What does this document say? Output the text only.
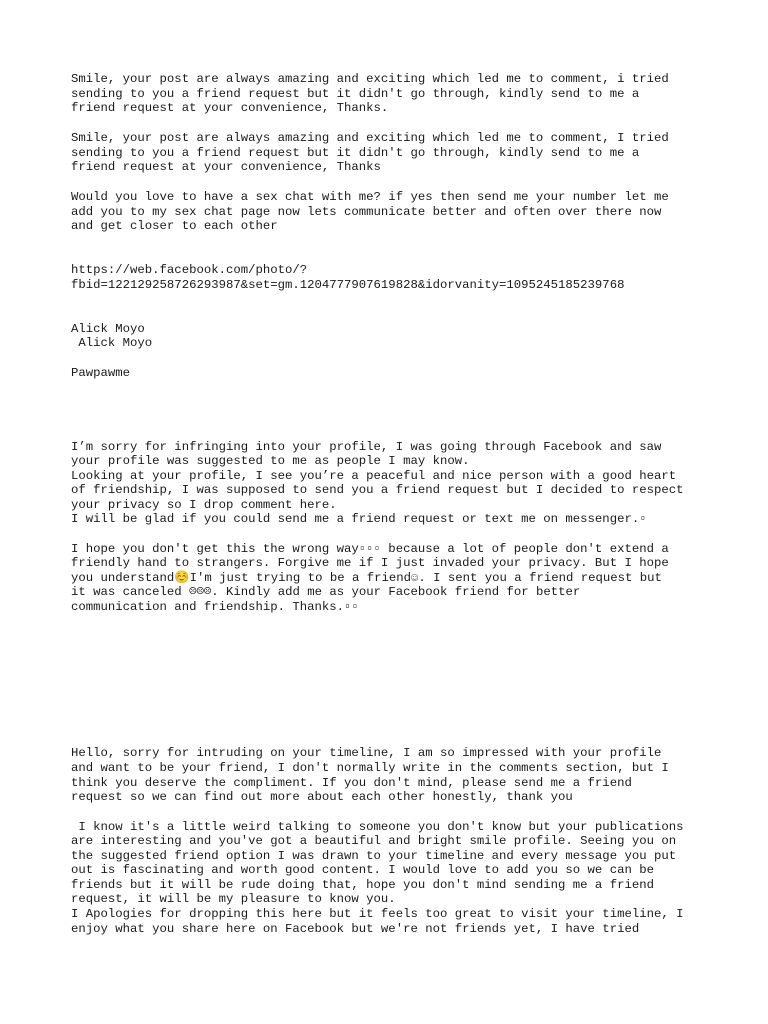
Smile, your post are always amazing and exciting which led me to comment, i tried

sending to you a friend request but it didn't go through, kindly send to me a

friend request at your convenience, Thanks.

Smile, your post are always amazing and exciting which led me to comment, I tried

sending to you a friend request but it didn't go through, kindly send to me a

friend request at your convenience, Thanks

Would you love to have a sex chat with me? if yes then send me your number let me

add you to my sex chat page now lets communicate better and often over there now

and get closer to each other

https://web.facebook.com/photo/?

fbid=122129258726293987&set=gm.1204777907619828&idorvanity=1095245185239768

Alick Moyo

Alick Moyo

Pawpawme

I’m sorry for infringing into your profile, I was going through Facebook and saw

your profile was suggested to me as people I may know.

Looking at your profile, I see you’re a peaceful and nice person with a good heart

of friendship, I was supposed to send you a friend request but I decided to respect

your privacy so I drop comment here.

I will be glad if you could send me a friend request or text me on messenger.▫

I hope you don't get this the wrong way▫▫▫ because a lot of people don't extend a

friendly hand to strangers. Forgive me if I just invaded your privacy. But I hope

you understand☺️I'm just trying to be a friend☺. I sent you a friend request but

it was canceled ☹☹☹. Kindly add me as your Facebook friend for better

communication and friendship. Thanks.▫▫

Hello, sorry for intruding on your timeline, I am so impressed with your profile

and want to be your friend, I don't normally write in the comments section, but I

think you deserve the compliment. If you don't mind, please send me a friend

request so we can find out more about each other honestly, thank you

I know it's a little weird talking to someone you don't know but your publications

are interesting and you've got a beautiful and bright smile profile. Seeing you on

the suggested friend option I was drawn to your timeline and every message you put

out is fascinating and worth good content. I would love to add you so we can be

friends but it will be rude doing that, hope you don't mind sending me a friend

request, it will be my pleasure to know you.

I Apologies for dropping this here but it feels too great to visit your timeline, I

enjoy what you share here on Facebook but we're not friends yet, I have tried
